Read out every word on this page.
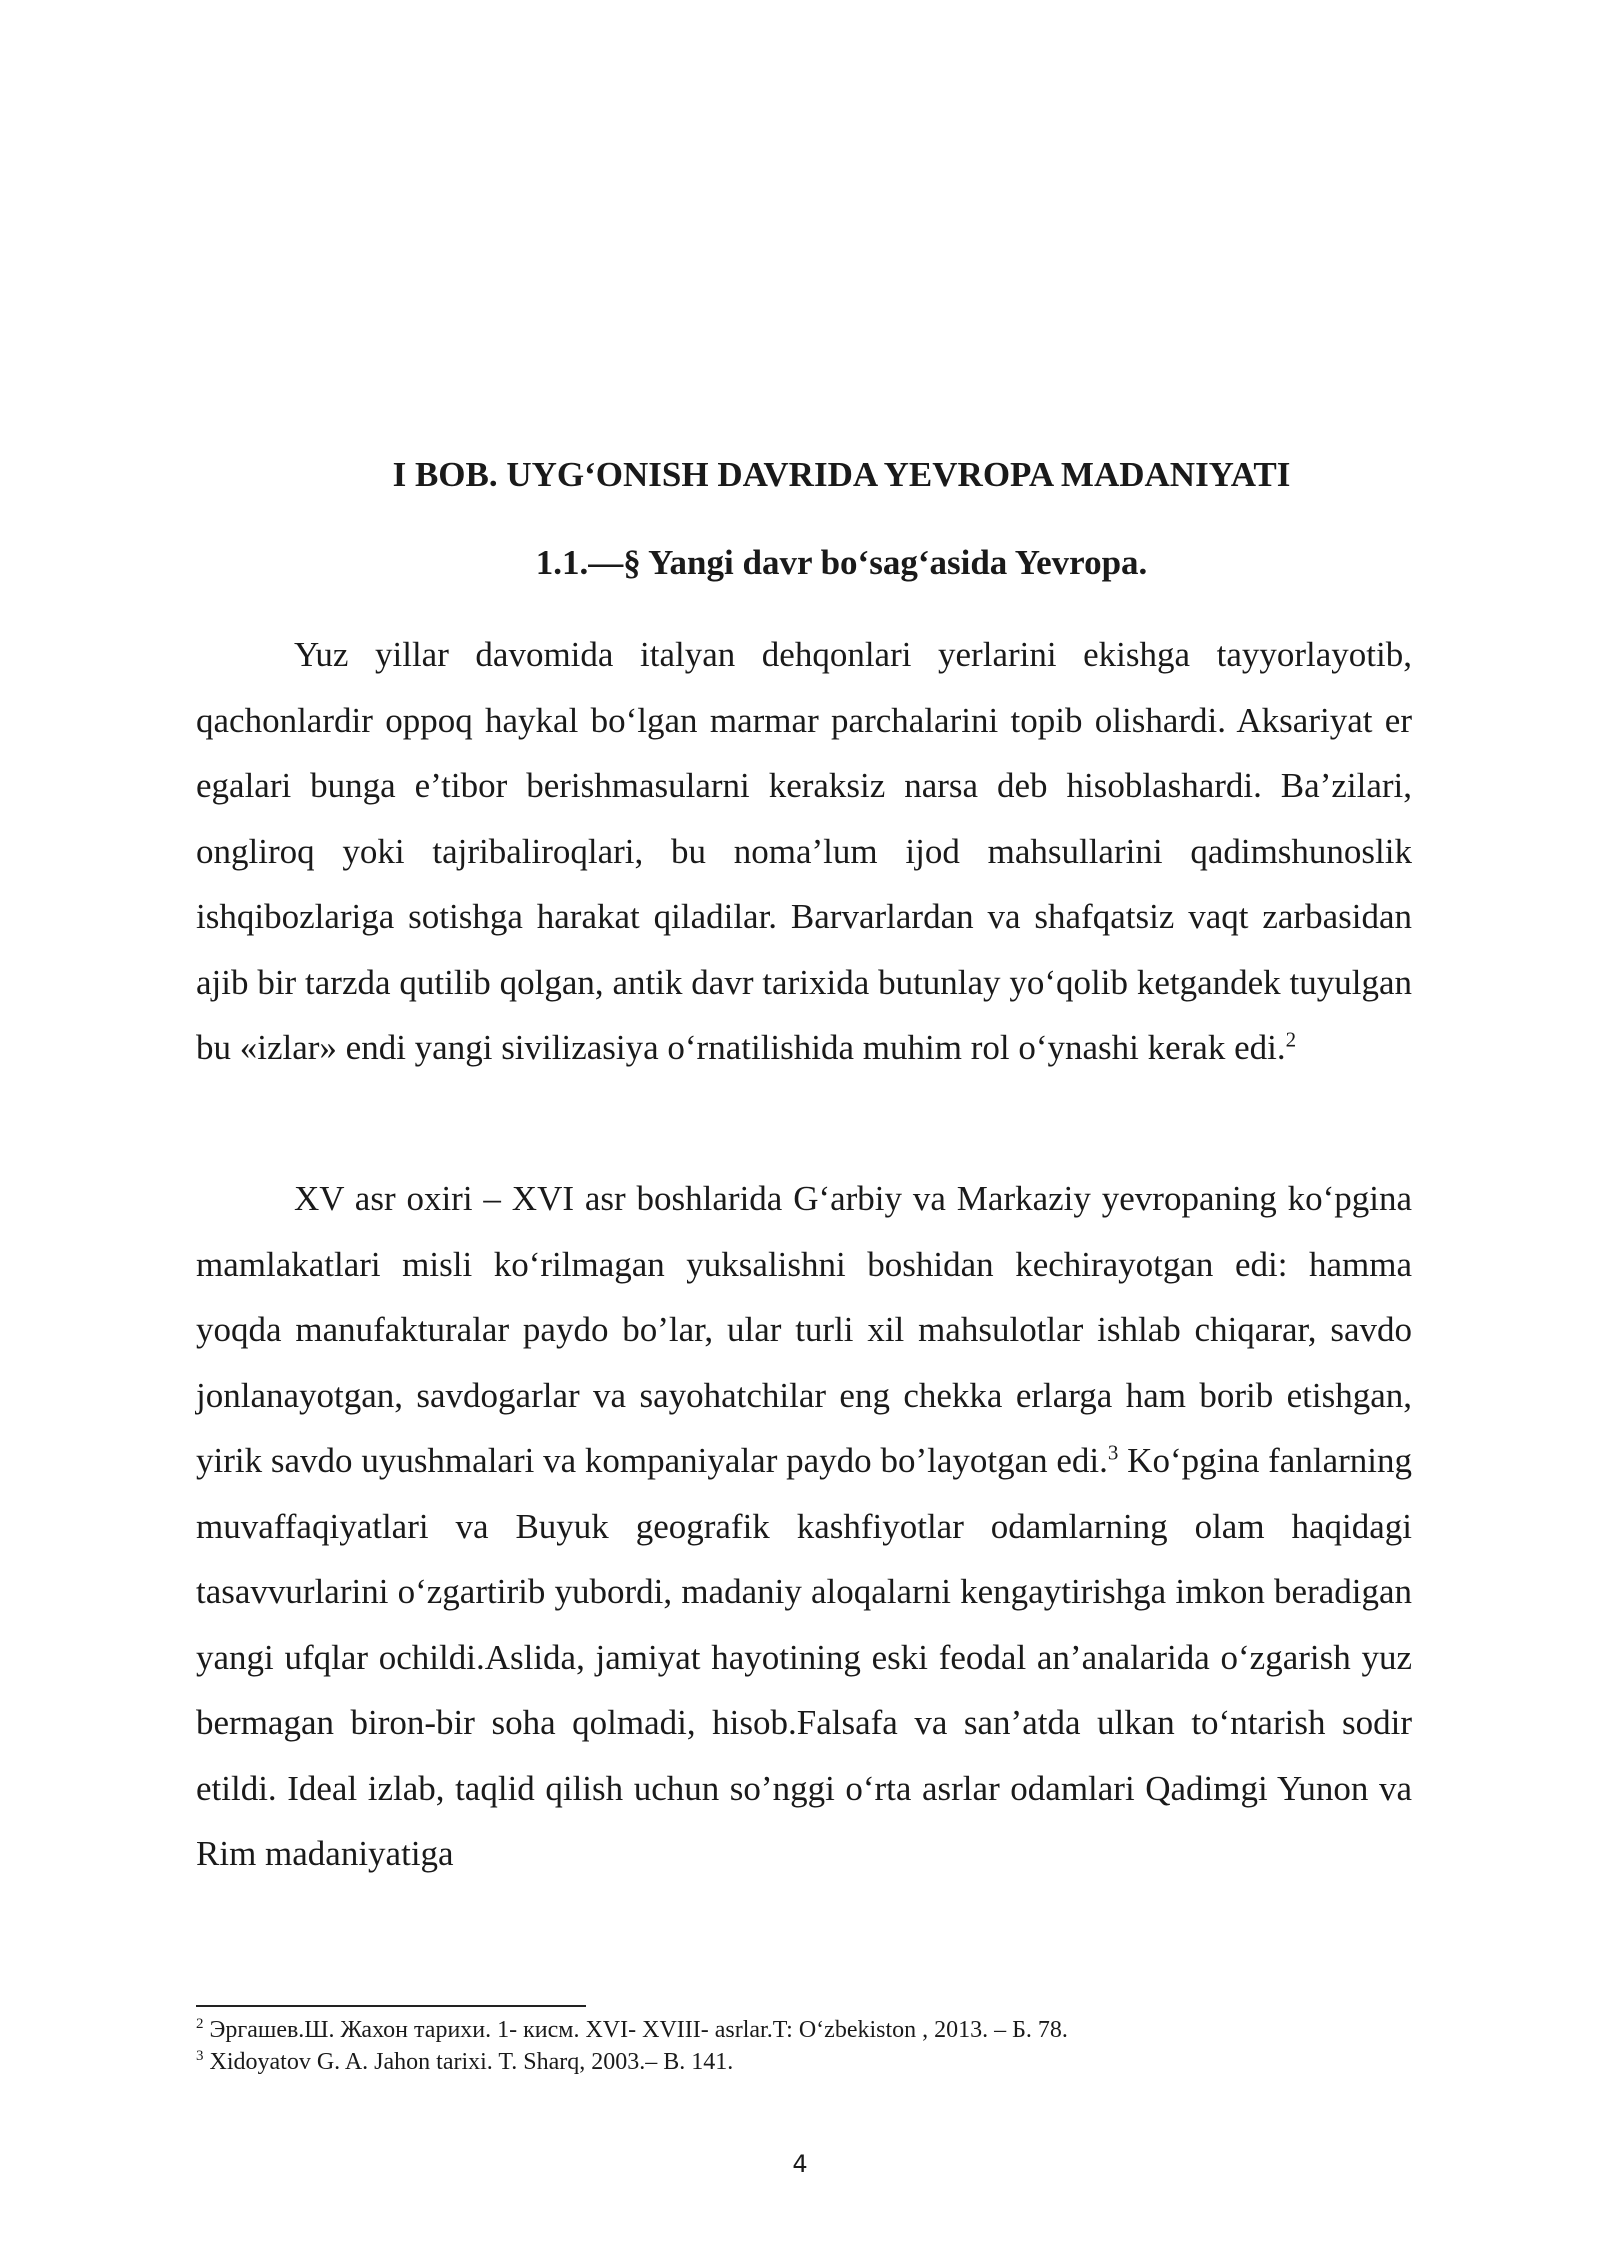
I BOB. UYG‘ONISH DAVRIDA YEVROPA MADANIYATI
1.1.—§ Yangi davr bo‘sag‘asida Yevropa.

Yuz yillar davomida italyan dehqonlari yerlarini ekishga tayyorlayotib, qachonlardir oppoq haykal bo‘lgan marmar parchalarini topib olishardi. Aksariyat er egalari bunga e’tibor berishmasularni keraksiz narsa deb hisoblashardi. Ba’zilari, ongliroq yoki tajribaliroqlari, bu noma’lum ijod mahsullarini qadimshunoslik ishqibozlariga sotishga harakat qiladilar. Barvarlardan va shafqatsiz vaqt zarbasidan ajib bir tarzda qutilib qolgan, antik davr tarixida butunlay yo‘qolib ketgandek tuyulgan bu «izlar» endi yangi sivilizasiya o‘rnatilishida muhim rol o‘ynashi kerak edi.$^2$

XV asr oxiri – XVI asr boshlarida G‘arbiy va Markaziy yevropaning ko‘pgina mamlakatlari misli ko‘rilmagan yuksalishni boshidan kechirayotgan edi: hamma yoqda manufakturalar paydo bo’lar, ular turli xil mahsulotlar ishlab chiqarar, savdo jonlanayotgan, savdogarlar va sayohatchilar eng chekka erlarga ham borib etishgan, yirik savdo uyushmalari va kompaniyalar paydo bo’layotgan edi.$^3$ Ko‘pgina fanlarning muvaffaqiyatlari va Buyuk geografik kashfiyotlar odamlarning olam haqidagi tasavvurlarini o‘zgartirib yubordi, madaniy aloqalarni kengaytirishga imkon beradigan yangi ufqlar ochildi.Aslida, jamiyat hayotining eski feodal an’analarida o‘zgarish yuz bermagan biron-bir soha qolmadi, hisob.Falsafa va san’atda ulkan to‘ntarish sodir etildi. Ideal izlab, taqlid qilish uchun so’nggi o‘rta asrlar odamlari Qadimgi Yunon va Rim madaniyatiga

$^2$ Эргашев.Ш. Жахон тарихи. 1- кисм. XVI- XVIII- asrlar.T: O‘zbekiston , 2013. – Б. 78.

$^3$ Xidoyatov G. A. Jahon tarixi. T. Sharq, 2003.– B. 141.

4
